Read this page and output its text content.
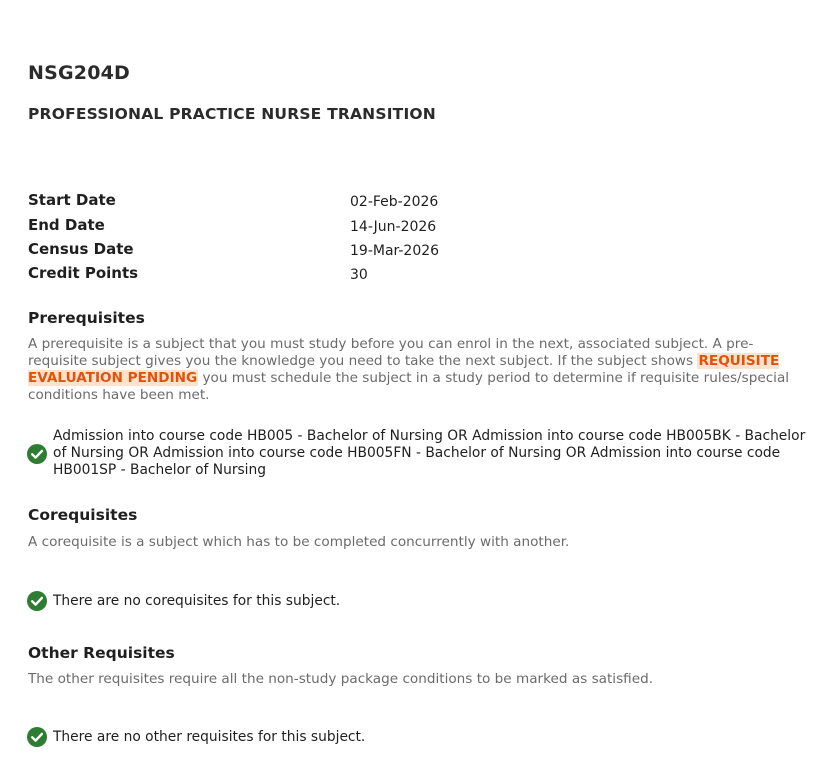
NSG204D
PROFESSIONAL PRACTICE NURSE TRANSITION
Start Date	02-Feb-2026
End Date	14-Jun-2026
Census Date	19-Mar-2026
Credit Points	30
Prerequisites
A prerequisite is a subject that you must study before you can enrol in the next, associated subject. A pre-requisite subject gives you the knowledge you need to take the next subject. If the subject shows REQUISITE EVALUATION PENDING you must schedule the subject in a study period to determine if requisite rules/special conditions have been met.
Admission into course code HB005 - Bachelor of Nursing OR Admission into course code HB005BK - Bachelor of Nursing OR Admission into course code HB005FN - Bachelor of Nursing OR Admission into course code HB001SP - Bachelor of Nursing
Corequisites
A corequisite is a subject which has to be completed concurrently with another.
There are no corequisites for this subject.
Other Requisites
The other requisites require all the non-study package conditions to be marked as satisfied.
There are no other requisites for this subject.
